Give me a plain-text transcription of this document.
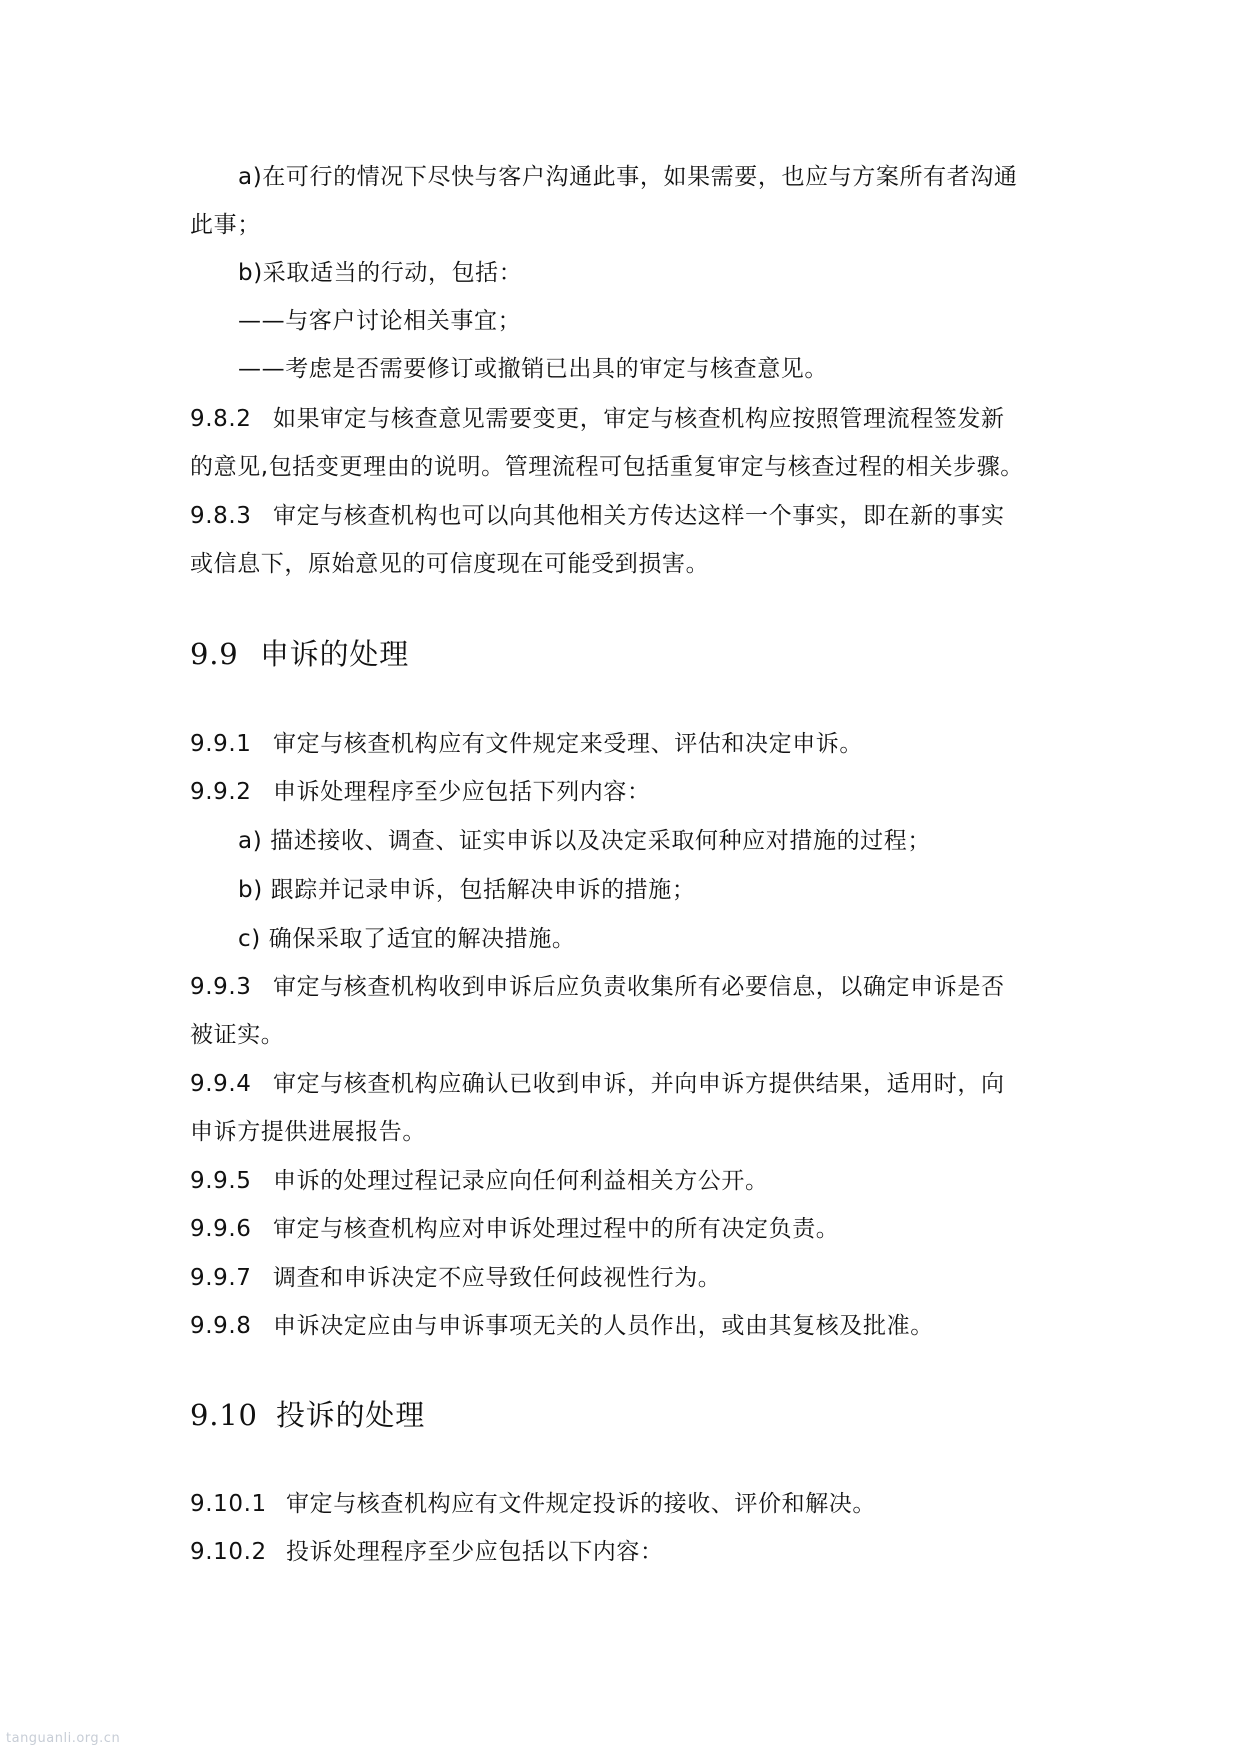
a)在可行的情况下尽快与客户沟通此事，如果需要，也应与方案所有者沟通
此事；
b)采取适当的行动，包括：
——与客户讨论相关事宜；
——考虑是否需要修订或撤销已出具的审定与核查意见。
9.8.2 如果审定与核查意见需要变更，审定与核查机构应按照管理流程签发新
的意见,包括变更理由的说明。管理流程可包括重复审定与核查过程的相关步骤。
9.8.3 审定与核查机构也可以向其他相关方传达这样一个事实，即在新的事实
或信息下，原始意见的可信度现在可能受到损害。
9.9 申诉的处理
9.9.1 审定与核查机构应有文件规定来受理、评估和决定申诉。
9.9.2 申诉处理程序至少应包括下列内容：
a) 描述接收、调查、证实申诉以及决定采取何种应对措施的过程；
b) 跟踪并记录申诉，包括解决申诉的措施；
c) 确保采取了适宜的解决措施。
9.9.3 审定与核查机构收到申诉后应负责收集所有必要信息，以确定申诉是否
被证实。
9.9.4 审定与核查机构应确认已收到申诉，并向申诉方提供结果，适用时，向
申诉方提供进展报告。
9.9.5 申诉的处理过程记录应向任何利益相关方公开。
9.9.6 审定与核查机构应对申诉处理过程中的所有决定负责。
9.9.7 调查和申诉决定不应导致任何歧视性行为。
9.9.8 申诉决定应由与申诉事项无关的人员作出，或由其复核及批准。
9.10 投诉的处理
9.10.1 审定与核查机构应有文件规定投诉的接收、评价和解决。
9.10.2 投诉处理程序至少应包括以下内容：
tanguanli.org.cn
